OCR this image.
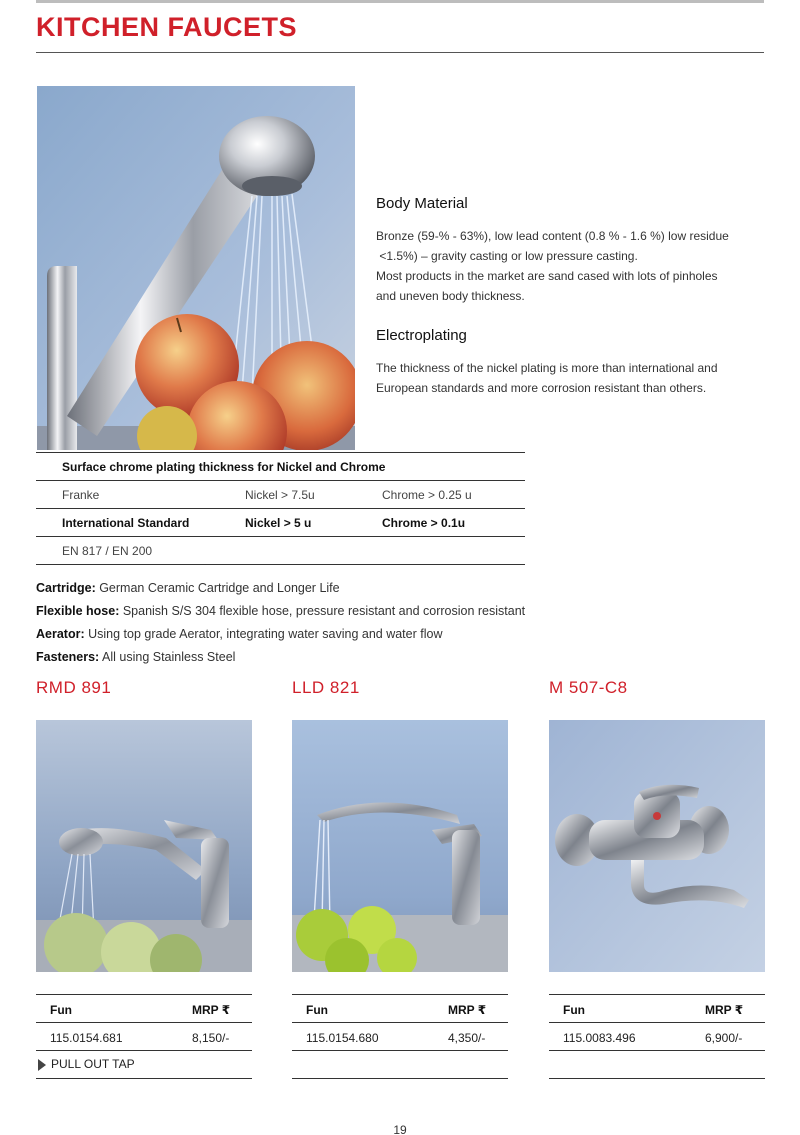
KITCHEN FAUCETS
Body Material

Bronze (59-% - 63%), low lead content (0.8 % - 1.6 %) low residue

<1.5%) – gravity casting or low pressure casting.

Most products in the market are sand cased with lots of pinholes

and uneven body thickness.

Electroplating

The thickness of the nickel plating is more than international and

European standards and more corrosion resistant than others.

Surface chrome plating thickness for Nickel and Chrome
Franke	Nickel > 7.5u	Chrome > 0.25 u
International Standard	Nickel > 5 u	Chrome > 0.1u
EN 817 / EN 200
Cartridge: German Ceramic Cartridge and Longer Life
Flexible hose: Spanish S/S 304 flexible hose, pressure resistant and corrosion resistant
Aerator: Using top grade Aerator, integrating water saving and water flow
Fasteners: All using Stainless Steel
RMD 891
Fun	MRP ₹
115.0154.681	8,150/-
PULL OUT TAP
LLD 821
Fun	MRP ₹
115.0154.680	4,350/-
M 507-C8
Fun	MRP ₹
115.0083.496	6,900/-
19
